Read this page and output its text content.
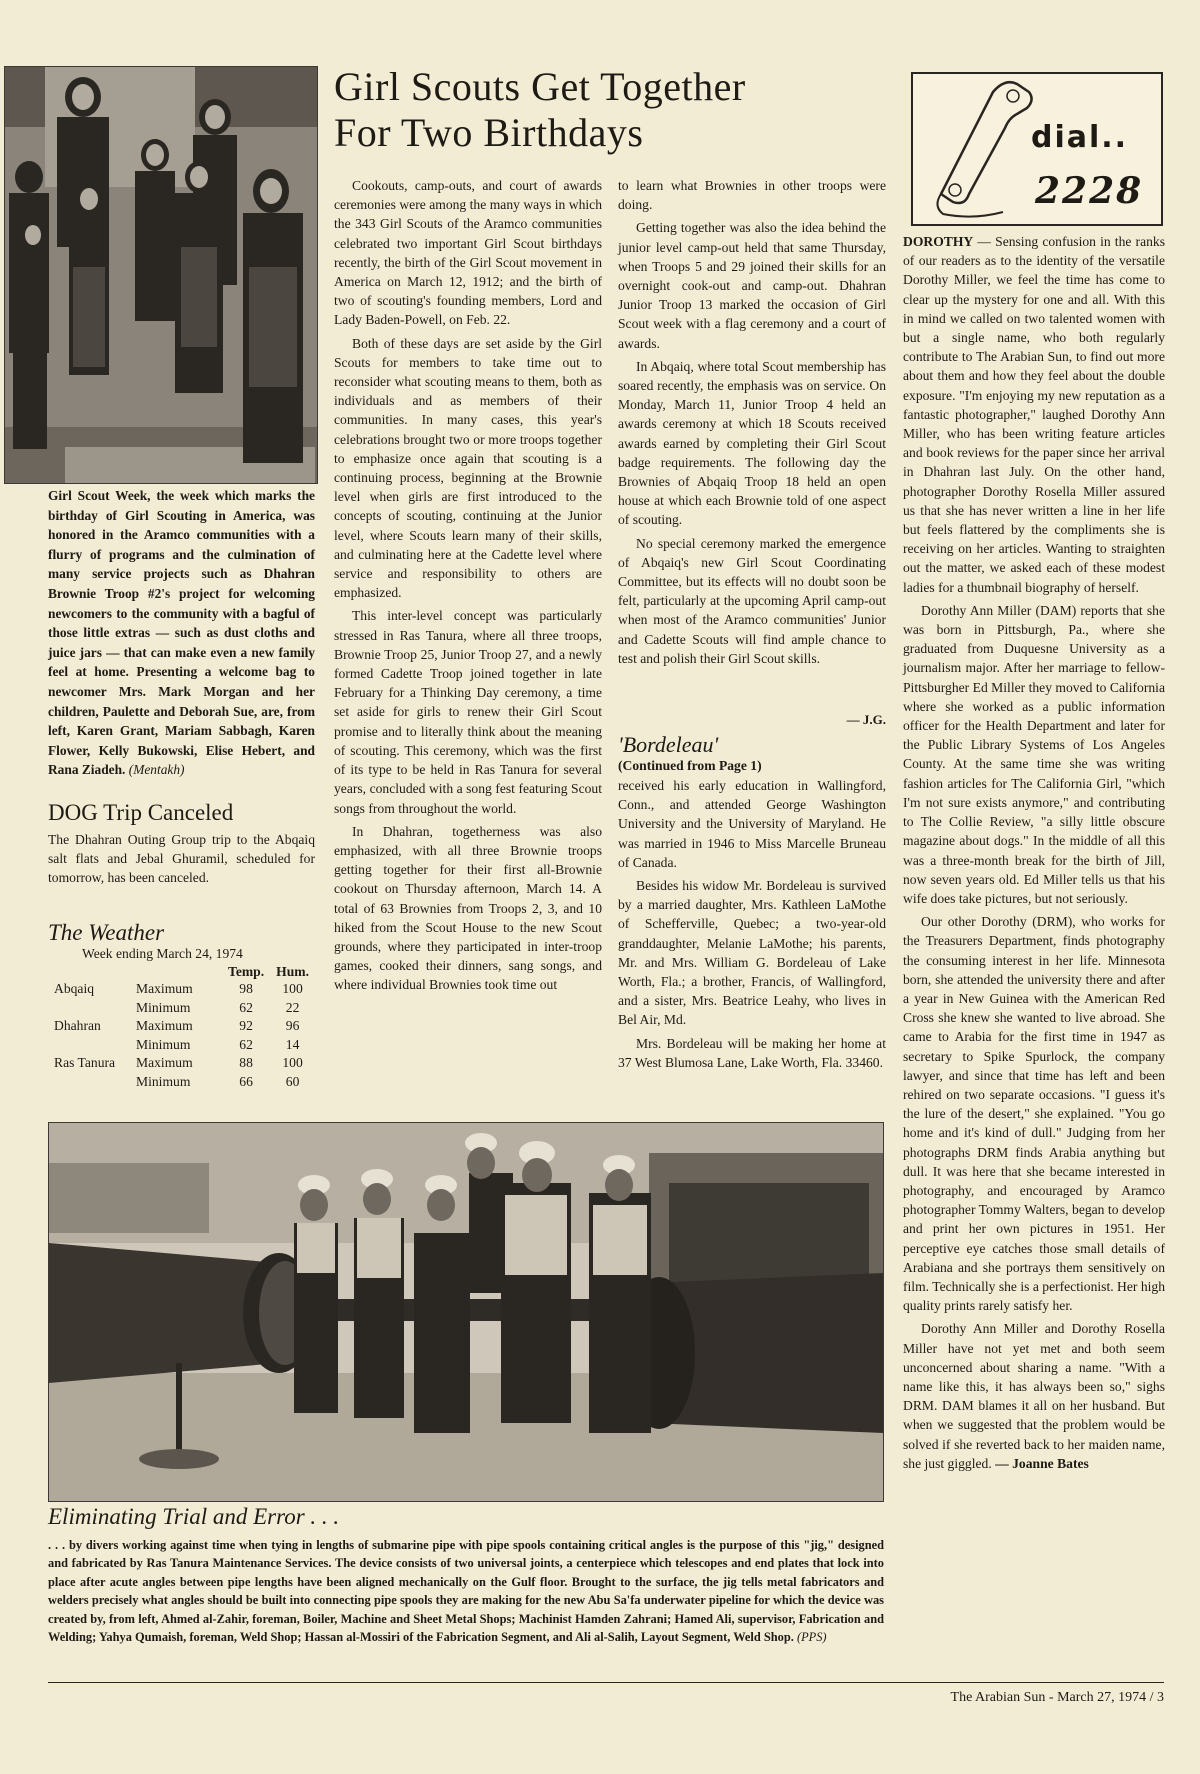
Girl Scout Week, the week which marks the birthday of Girl Scouting in America, was honored in the Aramco communities with a flurry of programs and the culmination of many service projects such as Dhahran Brownie Troop #2's project for welcoming newcomers to the community with a bagful of those little extras — such as dust cloths and juice jars — that can make even a new family feel at home. Presenting a welcome bag to newcomer Mrs. Mark Morgan and her children, Paulette and Deborah Sue, are, from left, Karen Grant, Mariam Sabbagh, Karen Flower, Kelly Bukowski, Elise Hebert, and Rana Ziadeh. (Mentakh)

DOG Trip Canceled

The Dhahran Outing Group trip to the Abqaiq salt flats and Jebal Ghuramil, scheduled for tomorrow, has been canceled.

The Weather

Week ending March 24, 1974

		Temp.	Hum.
Abqaiq	Maximum	98	100
	Minimum	62	22
Dhahran	Maximum	92	96
	Minimum	62	14
Ras Tanura	Maximum	88	100
	Minimum	66	60
Girl Scouts Get Together
For Two Birthdays

Cookouts, camp-outs, and court of awards ceremonies were among the many ways in which the 343 Girl Scouts of the Aramco communities celebrated two important Girl Scout birthdays recently, the birth of the Girl Scout movement in America on March 12, 1912; and the birth of two of scouting's founding members, Lord and Lady Baden-Powell, on Feb. 22.

Both of these days are set aside by the Girl Scouts for members to take time out to reconsider what scouting means to them, both as individuals and as members of their communities. In many cases, this year's celebrations brought two or more troops together to emphasize once again that scouting is a continuing process, beginning at the Brownie level when girls are first introduced to the concepts of scouting, continuing at the Junior level, where Scouts learn many of their skills, and culminating here at the Cadette level where service and responsibility to others are emphasized.

This inter-level concept was particularly stressed in Ras Tanura, where all three troops, Brownie Troop 25, Junior Troop 27, and a newly formed Cadette Troop joined together in late February for a Thinking Day ceremony, a time set aside for girls to renew their Girl Scout promise and to literally think about the meaning of scouting. This ceremony, which was the first of its type to be held in Ras Tanura for several years, concluded with a song fest featuring Scout songs from throughout the world.

In Dhahran, togetherness was also emphasized, with all three Brownie troops getting together for their first all-Brownie cookout on Thursday afternoon, March 14. A total of 63 Brownies from Troops 2, 3, and 10 hiked from the Scout House to the new Scout grounds, where they participated in inter-troop games, cooked their dinners, sang songs, and where individual Brownies took time out

to learn what Brownies in other troops were doing.

Getting together was also the idea behind the junior level camp-out held that same Thursday, when Troops 5 and 29 joined their skills for an overnight cook-out and camp-out. Dhahran Junior Troop 13 marked the occasion of Girl Scout week with a flag ceremony and a court of awards.

In Abqaiq, where total Scout membership has soared recently, the emphasis was on service. On Monday, March 11, Junior Troop 4 held an awards ceremony at which 18 Scouts received awards earned by completing their Girl Scout badge requirements. The following day the Brownies of Abqaiq Troop 18 held an open house at which each Brownie told of one aspect of scouting.

No special ceremony marked the emergence of Abqaiq's new Girl Scout Coordinating Committee, but its effects will no doubt soon be felt, particularly at the upcoming April camp-out when most of the Aramco communities' Junior and Cadette Scouts will find ample chance to test and polish their Girl Scout skills.

— J.G.

'Bordeleau'

(Continued from Page 1)

received his early education in Wallingford, Conn., and attended George Washington University and the University of Maryland. He was married in 1946 to Miss Marcelle Bruneau of Canada.

Besides his widow Mr. Bordeleau is survived by a married daughter, Mrs. Kathleen LaMothe of Schefferville, Quebec; a two-year-old granddaughter, Melanie LaMothe; his parents, Mr. and Mrs. William G. Bordeleau of Lake Worth, Fla.; a brother, Francis, of Wallingford, and a sister, Mrs. Beatrice Leahy, who lives in Bel Air, Md.

Mrs. Bordeleau will be making her home at 37 West Blumosa Lane, Lake Worth, Fla. 33460.

dial..
2228

DOROTHY — Sensing confusion in the ranks of our readers as to the identity of the versatile Dorothy Miller, we feel the time has come to clear up the mystery for one and all. With this in mind we called on two talented women with but a single name, who both regularly contribute to The Arabian Sun, to find out more about them and how they feel about the double exposure. "I'm enjoying my new reputation as a fantastic photographer," laughed Dorothy Ann Miller, who has been writing feature articles and book reviews for the paper since her arrival in Dhahran last July. On the other hand, photographer Dorothy Rosella Miller assured us that she has never written a line in her life but feels flattered by the compliments she is receiving on her articles. Wanting to straighten out the matter, we asked each of these modest ladies for a thumbnail biography of herself.

Dorothy Ann Miller (DAM) reports that she was born in Pittsburgh, Pa., where she graduated from Duquesne University as a journalism major. After her marriage to fellow-Pittsburgher Ed Miller they moved to California where she worked as a public information officer for the Health Department and later for the Public Library Systems of Los Angeles County. At the same time she was writing fashion articles for The California Girl, "which I'm not sure exists anymore," and contributing to The Collie Review, "a silly little obscure magazine about dogs." In the middle of all this was a three-month break for the birth of Jill, now seven years old. Ed Miller tells us that his wife does take pictures, but not seriously.

Our other Dorothy (DRM), who works for the Treasurers Department, finds photography the consuming interest in her life. Minnesota born, she attended the university there and after a year in New Guinea with the American Red Cross she knew she wanted to live abroad. She came to Arabia for the first time in 1947 as secretary to Spike Spurlock, the company lawyer, and since that time has left and been rehired on two separate occasions. "I guess it's the lure of the desert," she explained. "You go home and it's kind of dull." Judging from her photographs DRM finds Arabia anything but dull. It was here that she became interested in photography, and encouraged by Aramco photographer Tommy Walters, began to develop and print her own pictures in 1951. Her perceptive eye catches those small details of Arabiana and she portrays them sensitively on film. Technically she is a perfectionist. Her high quality prints rarely satisfy her.

Dorothy Ann Miller and Dorothy Rosella Miller have not yet met and both seem unconcerned about sharing a name. "With a name like this, it has always been so," sighs DRM. DAM blames it all on her husband. But when we suggested that the problem would be solved if she reverted back to her maiden name, she just giggled. — Joanne Bates

Eliminating Trial and Error . . .

. . . by divers working against time when tying in lengths of submarine pipe with pipe spools containing critical angles is the purpose of this "jig," designed and fabricated by Ras Tanura Maintenance Services. The device consists of two universal joints, a centerpiece which telescopes and end plates that lock into place after acute angles between pipe lengths have been aligned mechanically on the Gulf floor. Brought to the surface, the jig tells metal fabricators and welders precisely what angles should be built into connecting pipe spools they are making for the new Abu Sa'fa underwater pipeline for which the device was created by, from left, Ahmed al-Zahir, foreman, Boiler, Machine and Sheet Metal Shops; Machinist Hamden Zahrani; Hamed Ali, supervisor, Fabrication and Welding; Yahya Qumaish, foreman, Weld Shop; Hassan al-Mossiri of the Fabrication Segment, and Ali al-Salih, Layout Segment, Weld Shop. (PPS)

The Arabian Sun - March 27, 1974 / 3
